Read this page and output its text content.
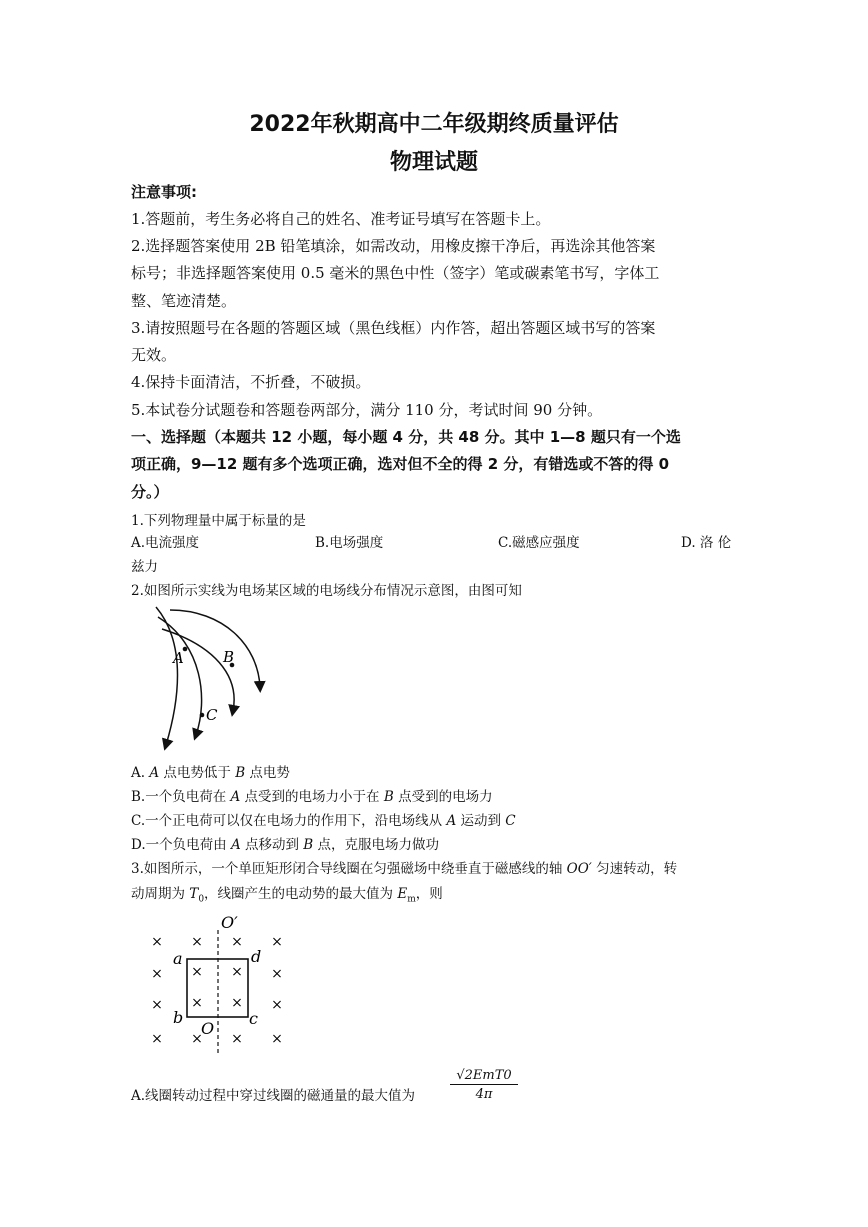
2022年秋期高中二年级期终质量评估
物理试题
注意事项:
1.答题前，考生务必将自己的姓名、准考证号填写在答题卡上。
2.选择题答案使用 2B 铅笔填涂，如需改动，用橡皮擦干净后，再选涂其他答案
标号；非选择题答案使用 0.5 毫米的黑色中性（签字）笔或碳素笔书写，字体工
整、笔迹清楚。
3.请按照题号在各题的答题区域（黑色线框）内作答，超出答题区域书写的答案
无效。
4.保持卡面清洁，不折叠，不破损。
5.本试卷分试题卷和答题卷两部分，满分 110 分，考试时间 90 分钟。
一、选择题（本题共 12 小题，每小题 4 分，共 48 分。其中 1—8 题只有一个选
项正确，9—12 题有多个选项正确，选对但不全的得 2 分，有错选或不答的得 0
分。）
1.下列物理量中属于标量的是
A.电流强度	B.电场强度	C.磁感应强度	D. 洛 伦
兹力
2.如图所示实线为电场某区域的电场线分布情况示意图，由图可知
A	B
C
A. A 点电势低于 B 点电势
B.一个负电荷在 A 点受到的电场力小于在 B 点受到的电场力
C.一个正电荷可以仅在电场力的作用下，沿电场线从 A 运动到 C
D.一个负电荷由 A 点移动到 B 点，克服电场力做功
3.如图所示，一个单匝矩形闭合导线圈在匀强磁场中绕垂直于磁感线的轴 OO′ 匀速转动，转
动周期为 $T_0$，线圈产生的电动势的最大值为 $E_m$，则
× × × ×
× × × ×
× × × ×
× × × ×
O′
O
a	d
b	c
A.线圈转动过程中穿过线圈的磁通量的最大值为
√2EmT0
4π
